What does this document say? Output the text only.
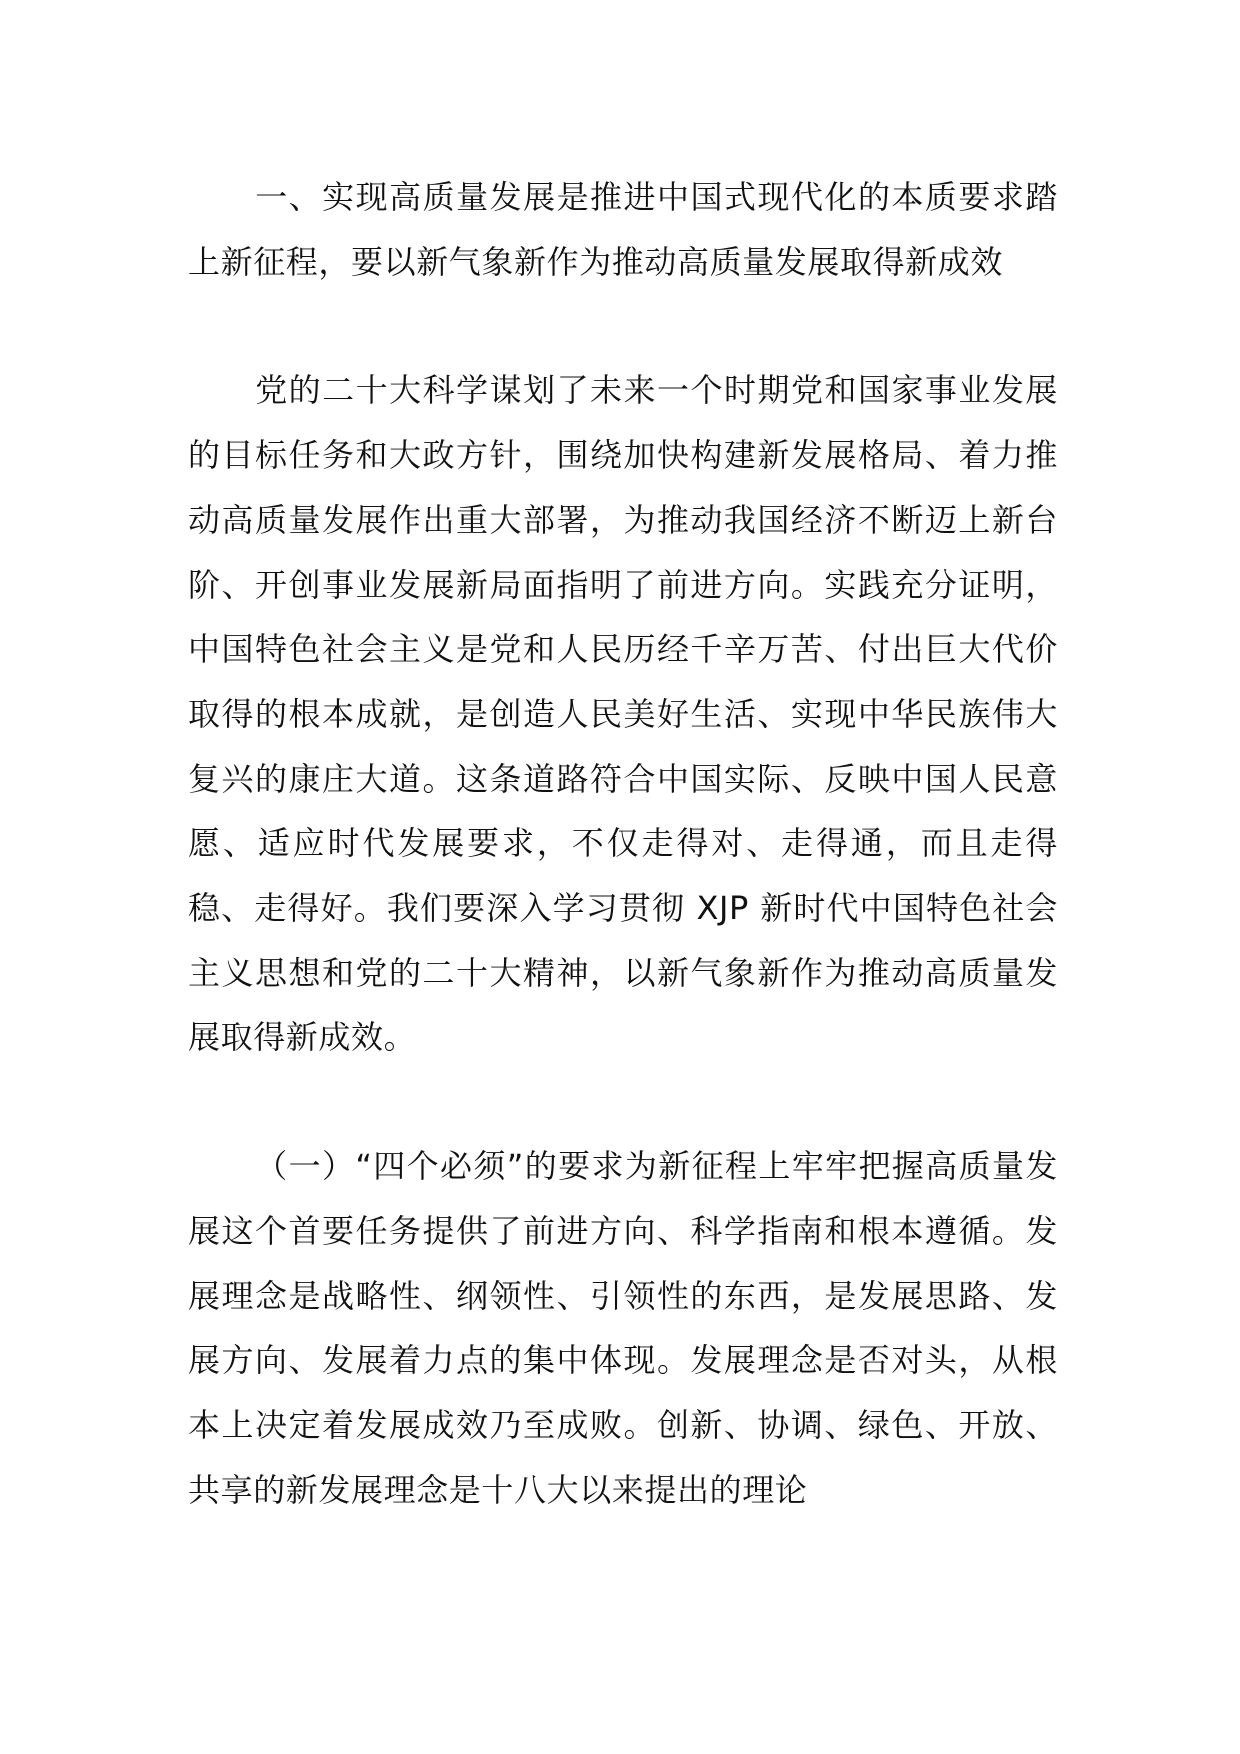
一、实现高质量发展是推进中国式现代化的本质要求踏上新征程，要以新气象新作为推动高质量发展取得新成效

党的二十大科学谋划了未来一个时期党和国家事业发展的目标任务和大政方针，围绕加快构建新发展格局、着力推动高质量发展作出重大部署，为推动我国经济不断迈上新台阶、开创事业发展新局面指明了前进方向。实践充分证明，中国特色社会主义是党和人民历经千辛万苦、付出巨大代价取得的根本成就，是创造人民美好生活、实现中华民族伟大复兴的康庄大道。这条道路符合中国实际、反映中国人民意愿、适应时代发展要求，不仅走得对、走得通，而且走得稳、走得好。我们要深入学习贯彻 XJP 新时代中国特色社会主义思想和党的二十大精神，以新气象新作为推动高质量发展取得新成效。

（一）“四个必须”的要求为新征程上牢牢把握高质量发展这个首要任务提供了前进方向、科学指南和根本遵循。发展理念是战略性、纲领性、引领性的东西，是发展思路、发展方向、发展着力点的集中体现。发展理念是否对头，从根本上决定着发展成效乃至成败。创新、协调、绿色、开放、共享的新发展理念是十八大以来提出的理论
